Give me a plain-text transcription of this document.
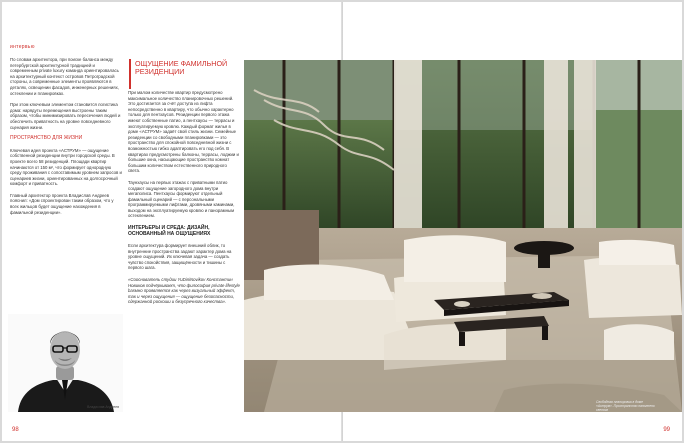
интервью

По словам архитектора, при поиске баланса между петербургской архитектурной традицией и современным private luxury команда ориентировалась на архитектурный контекст островов Петроградской стороны, а современные элементы проявляются в деталях, освещении фасадов, инженерных решениях, остеклении и планировках.

При этом ключевым элементом становится логистика дома: нарядуты перемещения выстроены таким образом, чтобы минимизировать пересечения людей и обеспечить приватность на уровне повседневного сценария жизни.

ПРОСТРАНСТВО ДЛЯ ЖИЗНИ

Ключевая идея проекта «АСТРУМ» — ощущение собственной резиденции внутри городской среды. В проекте всего 58 резиденций. Площади квартир начинаются от 150 м², что формирует однородную среду проживания с сопоставимым уровнем запросов и сценариев жизни, ориентированных на долгосрочный комфорт и приватность.

Главный архитектор проекта Владислав Андреев пояснил: «Дом спроектирован таким образом, что у всех жильцов будет ощущение нахождения в фамильной резиденции».

ОЩУЩЕНИЕ ФАМИЛЬНОЙ РЕЗИДЕНЦИИ

При малом количестве квартир предусмотрено максимальное количество планировочных решений. Это достигается за счёт доступа из лифта непосредственно в квартиру, что обычно характерно только для пентхаусов. Резиденции первого этажа имеют собственные патио, а пентхаусы — террасы и эксплуатируемую кровлю. Каждый формат жилья в доме «АСТРУМ» задаёт свой стиль жизни. Семейные резиденции со свободными планировками — это пространство для спокойной повседневной жизни с возможностью гибко адаптировать его под себя. В квартирах предусмотрены балконы, террасы, лоджии и большие окна, насыщающие пространство комнат большим количеством естественного природного света.

Таунхаусы на первых этажах с приватными патио создают ощущение загородного дома внутри мегаполиса. Пентхаусы формируют отдельный фамильный сценарий — с персональными программируемыми лифтами, дровяными каминами, выходом на эксплуатируемую кровлю и панорамным остеклением.

ИНТЕРЬЕРЫ И СРЕДА: ДИЗАЙН, ОСНОВАННЫЙ НА ОЩУЩЕНИЯХ

Если архитектура формирует внешний облик, то внутренние пространства задают характер дома на уровне ощущений. Их ключевая задача — создать чувство спокойствия, защищённости и тишины с первого шага.

«Сооснователь студии YuDiniNovikov Константин Новиков подчёркивает, что философия private lifestyle basмно проявляется как через визуальный эффект, так и через ощущения — ощущение безопасности, сдержанной роскоши и безупречного качества».

Владислав Андреев
98	99
Свободная планировка в доме «Аструм». Пространство наполнено светом
